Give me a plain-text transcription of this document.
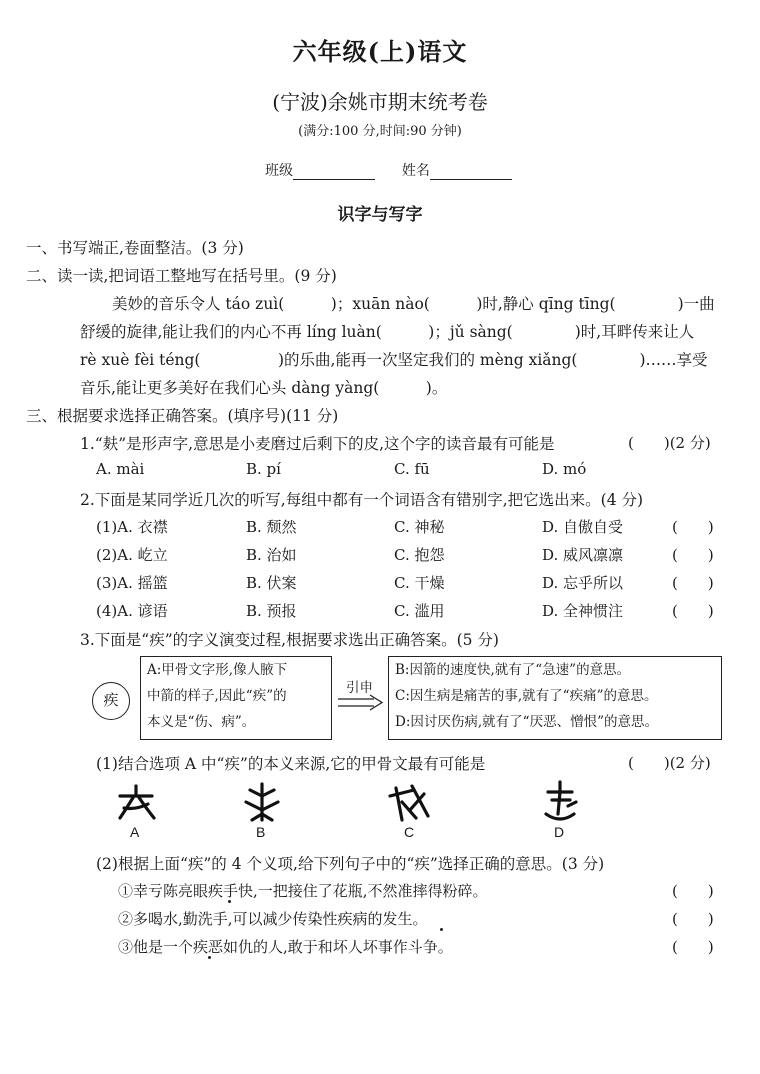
六年级(上)语文
(宁波)余姚市期末统考卷
(满分:100 分,时间:90 分钟)
班级	姓名
识字与写字
一、书写端正,卷面整洁。(3 分)
二、读一读,把词语工整地写在括号里。(9 分)
美妙的音乐令人 táo zuì(　　　)；xuān nào(　　　)时,静心 qīng tīng(　　　　)一曲
舒缓的旋律,能让我们的内心不再 líng luàn(　　　)；jǔ sàng(　　　　)时,耳畔传来让人
rè xuè fèi téng(　　　　　)的乐曲,能再一次坚定我们的 mèng xiǎng(　　　　)……享受
音乐,能让更多美好在我们心头 dàng yàng(　　　)。
三、根据要求选择正确答案。(填序号)(11 分)
1.“麸”是形声字,意思是小麦磨过后剩下的皮,这个字的读音最有可能是	(　　)(2 分)
A. mài	B. pí	C. fū	D. mó
2.下面是某同学近几次的听写,每组中都有一个词语含有错别字,把它选出来。(4 分)
(1)A. 衣襟	B. 颓然	C. 神秘	D. 自傲自受	(　　)
(2)A. 屹立	B. 治如	C. 抱怨	D. 威风凛凛	(　　)
(3)A. 摇篮	B. 伏案	C. 干燥	D. 忘乎所以	(　　)
(4)A. 谚语	B. 预报	C. 滥用	D. 全神惯注	(　　)
3.下面是“疾”的字义演变过程,根据要求选出正确答案。(5 分)
疾
A:甲骨文字形,像人腋下
中箭的样子,因此“疾”的
本义是“伤、病”。
引申
B:因箭的速度快,就有了“急速”的意思。
C:因生病是痛苦的事,就有了“疾痛”的意思。
D:因讨厌伤病,就有了“厌恶、憎恨”的意思。
(1)结合选项 A 中“疾”的本义来源,它的甲骨文最有可能是	(　　)(2 分)
A	B	C	D
(2)根据上面“疾”的 4 个义项,给下列句子中的“疾”选择正确的意思。(3 分)
①幸亏陈亮眼疾手快,一把接住了花瓶,不然准摔得粉碎。	(　　)
②多喝水,勤洗手,可以减少传染性疾病的发生。	(　　)
③他是一个疾恶如仇的人,敢于和坏人坏事作斗争。	(　　)
